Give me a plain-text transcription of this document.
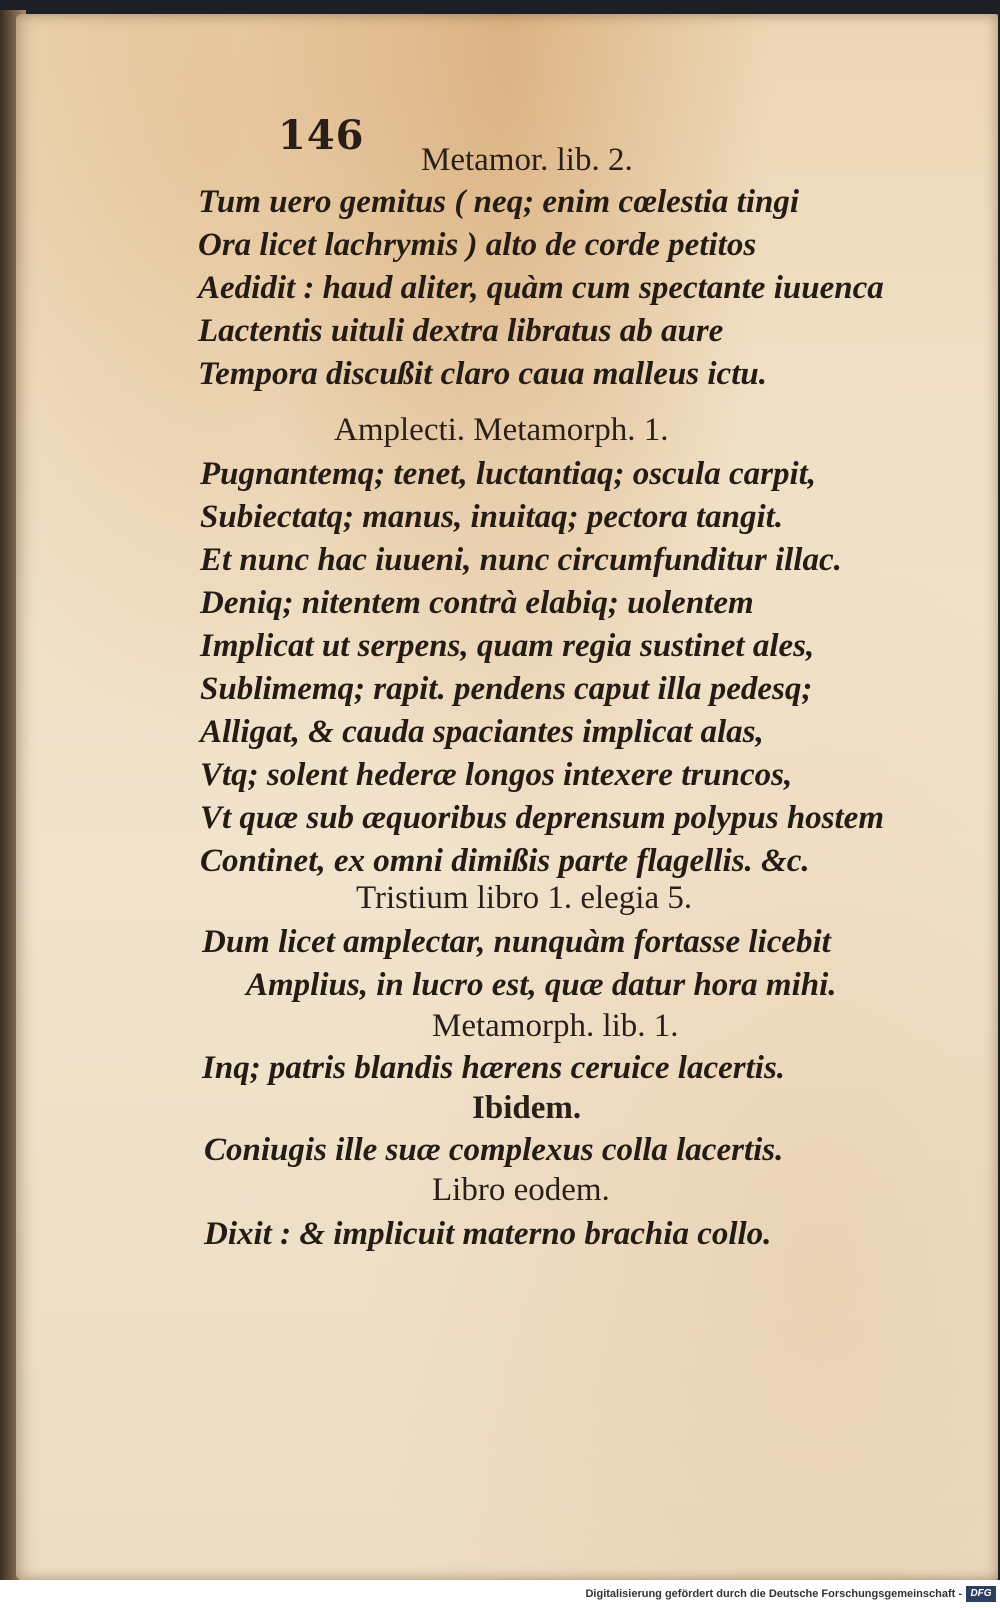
146
Metamor. lib. 2.
Tum uero gemitus ( neq; enim cœlestia tingi
Ora licet lachrymis ) alto de corde petitos
Aedidit : haud aliter, quàm cum spectante iuuenca
Lactentis uituli dextra libratus ab aure
Tempora discußit claro caua malleus ictu.
Amplecti. Metamorph. 1.
Pugnantemq; tenet, luctantiaq; oscula carpit,
Subiectatq; manus, inuitaq; pectora tangit.
Et nunc hac iuueni, nunc circumfunditur illac.
Deniq; nitentem contrà elabiq; uolentem
Implicat ut serpens, quam regia sustinet ales,
Sublimemq; rapit. pendens caput illa pedesq;
Alligat, & cauda spaciantes implicat alas,
Vtq; solent hederæ longos intexere truncos,
Vt quæ sub æquoribus deprensum polypus hostem
Continet, ex omni dimißis parte flagellis. &c.
Tristium libro 1. elegia 5.
Dum licet amplectar, nunquàm fortasse licebit
Amplius, in lucro est, quæ datur hora mihi.
Metamorph. lib. 1.
Inq; patris blandis hærens ceruice lacertis.
Ibidem.
Coniugis ille suæ complexus colla lacertis.
Libro eodem.
Dixit : & implicuit materno brachia collo.
Digitalisierung gefördert durch die Deutsche Forschungsgemeinschaft - DFG
